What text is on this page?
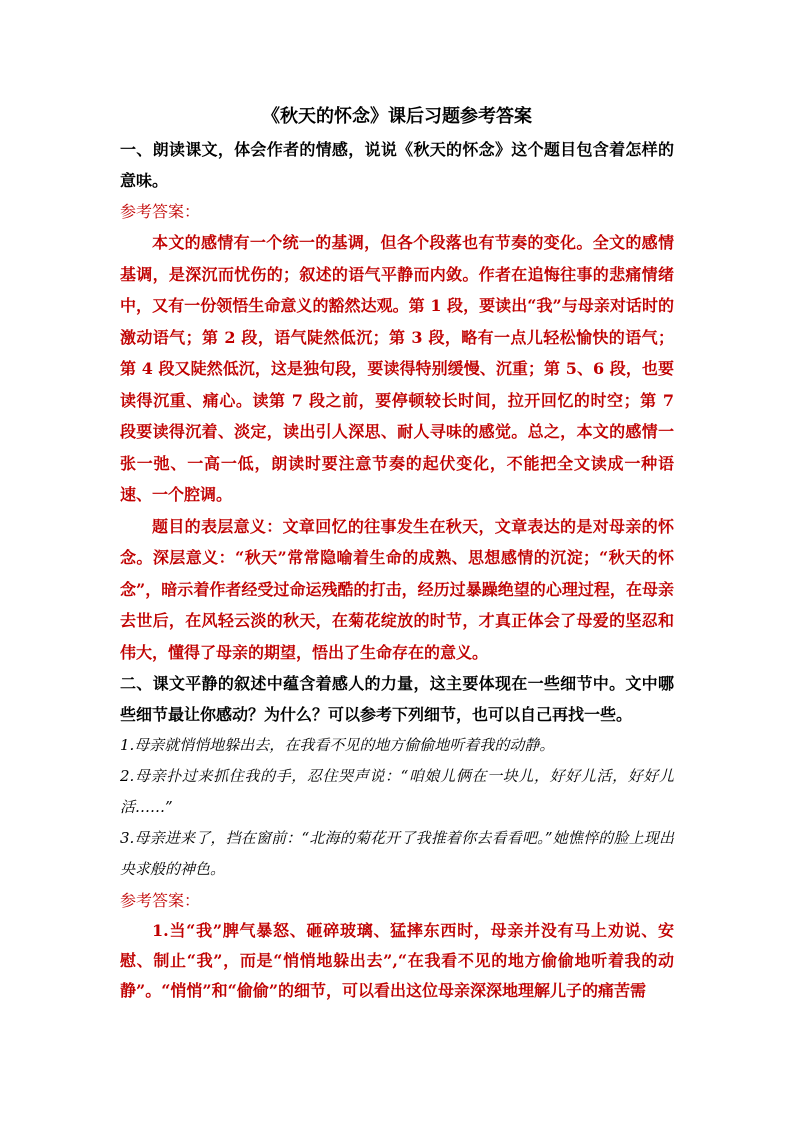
《秋天的怀念》课后习题参考答案

一、朗读课文，体会作者的情感，说说《秋天的怀念》这个题目包含着怎样的意味。

参考答案：

本文的感情有一个统一的基调，但各个段落也有节奏的变化。全文的感情基调，是深沉而忧伤的；叙述的语气平静而内敛。作者在追悔往事的悲痛情绪中，又有一份领悟生命意义的豁然达观。第 1 段，要读出“我”与母亲对话时的激动语气；第 2 段，语气陡然低沉；第 3 段，略有一点儿轻松愉快的语气；第 4 段又陡然低沉，这是独句段，要读得特别缓慢、沉重；第 5、6 段，也要读得沉重、痛心。读第 7 段之前，要停顿较长时间，拉开回忆的时空；第 7 段要读得沉着、淡定，读出引人深思、耐人寻味的感觉。总之，本文的感情一张一弛、一高一低，朗读时要注意节奏的起伏变化，不能把全文读成一种语速、一个腔调。

题目的表层意义：文章回忆的往事发生在秋天，文章表达的是对母亲的怀念。深层意义：“秋天”常常隐喻着生命的成熟、思想感情的沉淀；“秋天的怀念”，暗示着作者经受过命运残酷的打击，经历过暴躁绝望的心理过程，在母亲去世后，在风轻云淡的秋天，在菊花绽放的时节，才真正体会了母爱的坚忍和伟大，懂得了母亲的期望，悟出了生命存在的意义。

二、课文平静的叙述中蕴含着感人的力量，这主要体现在一些细节中。文中哪些细节最让你感动？为什么？可以参考下列细节，也可以自己再找一些。

1.母亲就悄悄地躲出去，在我看不见的地方偷偷地听着我的动静。

2.母亲扑过来抓住我的手，忍住哭声说：“咱娘儿俩在一块儿，好好儿活，好好儿活……”

3.母亲进来了，挡在窗前：“北海的菊花开了我推着你去看看吧。”她憔悴的脸上现出央求般的神色。

参考答案：

1.当“我”脾气暴怒、砸碎玻璃、猛摔东西时，母亲并没有马上劝说、安慰、制止“我”，而是“悄悄地躲出去”,“在我看不见的地方偷偷地听着我的动静”。“悄悄”和“偷偷”的细节，可以看出这位母亲深深地理解儿子的痛苦需
